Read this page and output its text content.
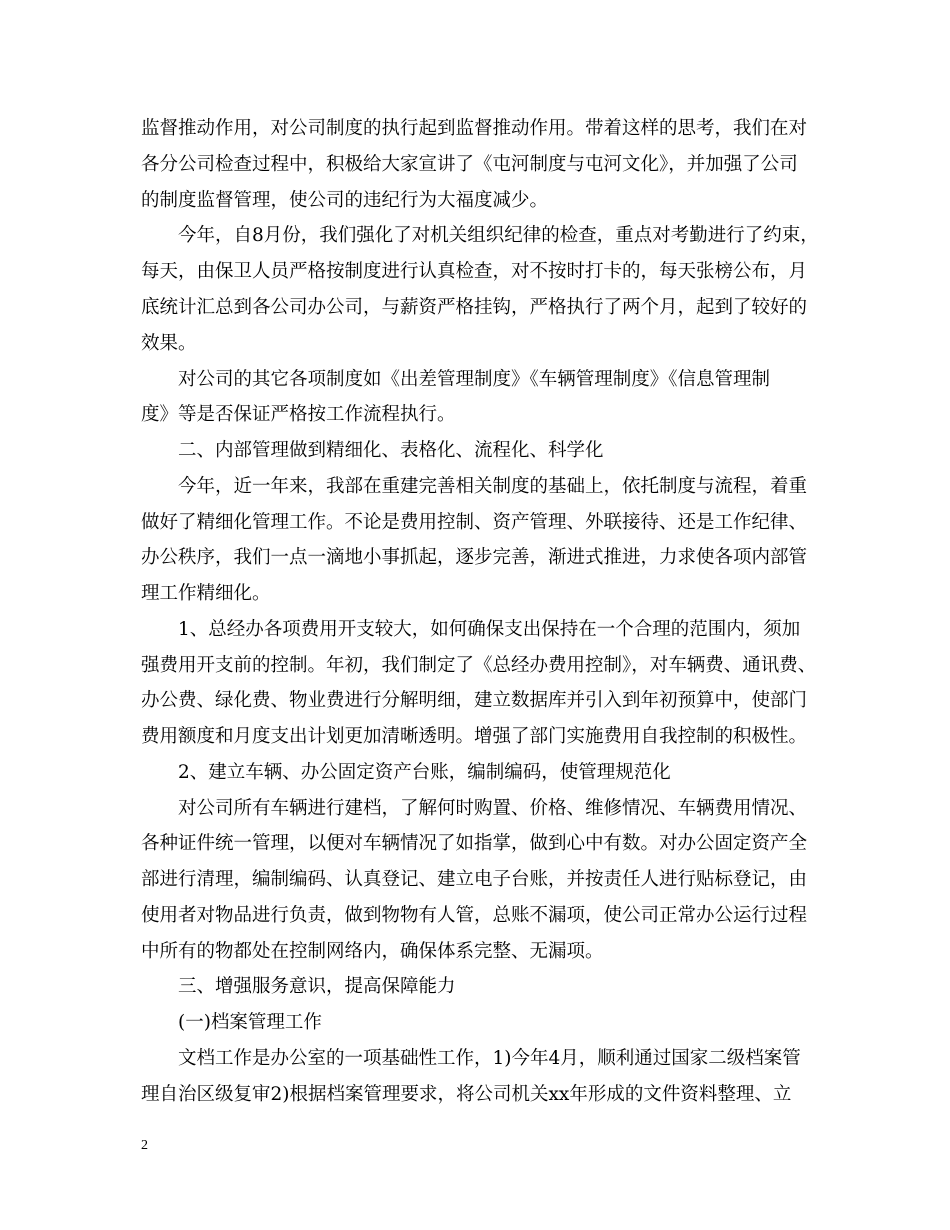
监督推动作用，对公司制度的执行起到监督推动作用。带着这样的思考，我们在对
各分公司检查过程中，积极给大家宣讲了《屯河制度与屯河文化》，并加强了公司
的制度监督管理，使公司的违纪行为大福度减少。
今年，自8月份，我们强化了对机关组织纪律的检查，重点对考勤进行了约束，
每天，由保卫人员严格按制度进行认真检查，对不按时打卡的，每天张榜公布，月
底统计汇总到各公司办公司，与薪资严格挂钩，严格执行了两个月，起到了较好的
效果。
对公司的其它各项制度如《出差管理制度》《车辆管理制度》《信息管理制
度》等是否保证严格按工作流程执行。
二、内部管理做到精细化、表格化、流程化、科学化
今年，近一年来，我部在重建完善相关制度的基础上，依托制度与流程，着重
做好了精细化管理工作。不论是费用控制、资产管理、外联接待、还是工作纪律、
办公秩序，我们一点一滴地小事抓起，逐步完善，渐进式推进，力求使各项内部管
理工作精细化。
1、总经办各项费用开支较大，如何确保支出保持在一个合理的范围内，须加
强费用开支前的控制。年初，我们制定了《总经办费用控制》，对车辆费、通讯费、
办公费、绿化费、物业费进行分解明细，建立数据库并引入到年初预算中，使部门
费用额度和月度支出计划更加清晰透明。增强了部门实施费用自我控制的积极性。
2、建立车辆、办公固定资产台账，编制编码，使管理规范化
对公司所有车辆进行建档，了解何时购置、价格、维修情况、车辆费用情况、
各种证件统一管理，以便对车辆情况了如指掌，做到心中有数。对办公固定资产全
部进行清理，编制编码、认真登记、建立电子台账，并按责任人进行贴标登记，由
使用者对物品进行负责，做到物物有人管，总账不漏项，使公司正常办公运行过程
中所有的物都处在控制网络内，确保体系完整、无漏项。
三、增强服务意识，提高保障能力
(一)档案管理工作
文档工作是办公室的一项基础性工作，1)今年4月，顺利通过国家二级档案管
理自治区级复审2)根据档案管理要求，将公司机关xx年形成的文件资料整理、立
2
